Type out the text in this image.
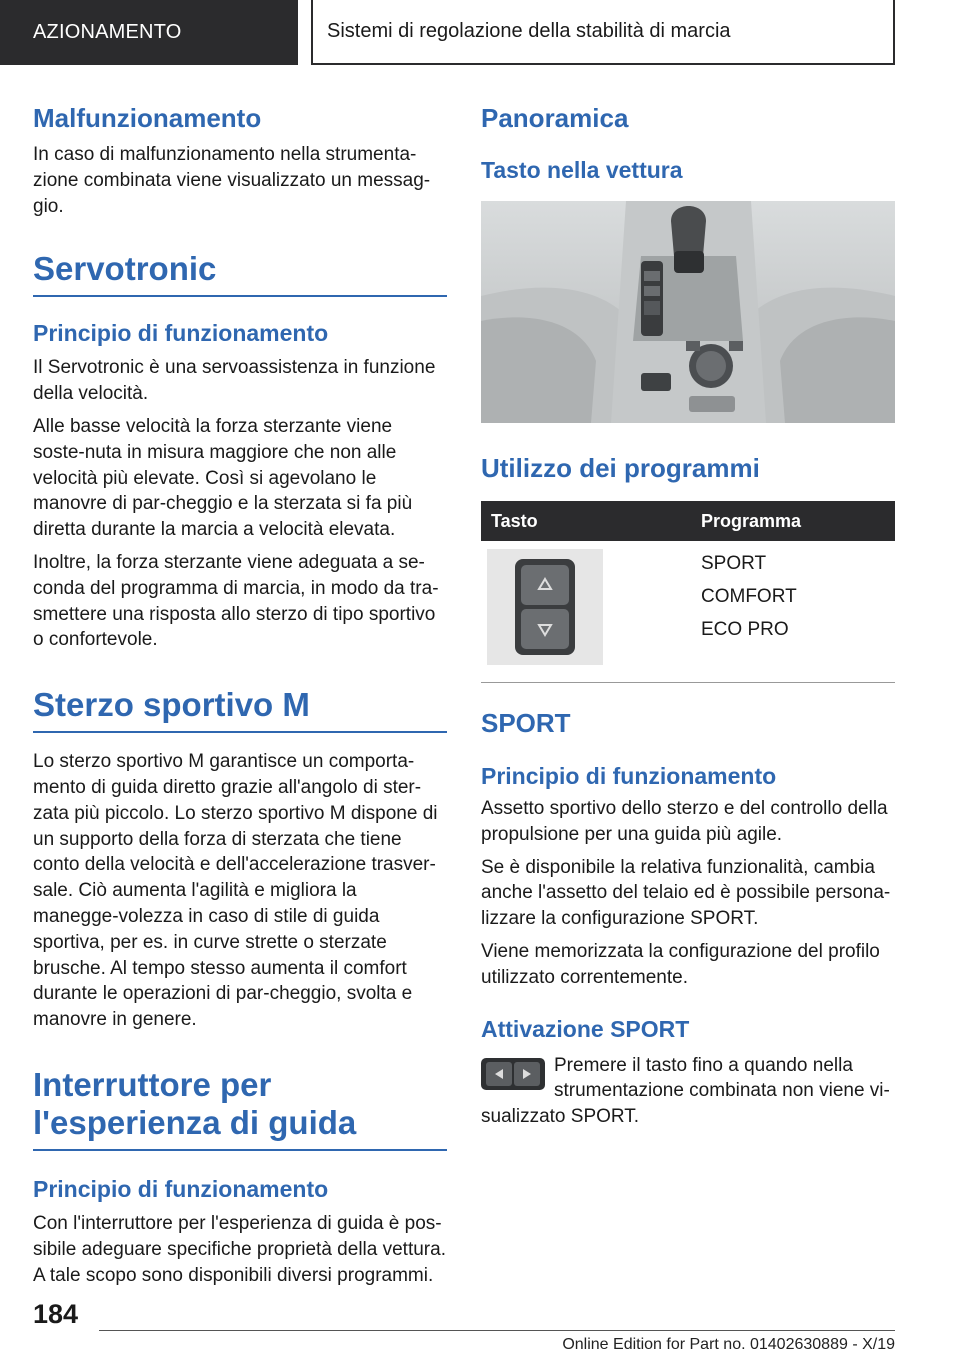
AZIONAMENTO	Sistemi di regolazione della stabilità di marcia
Malfunzionamento

In caso di malfunzionamento nella strumenta-zione combinata viene visualizzato un messag-gio.

Servotronic
Principio di funzionamento

Il Servotronic è una servoassistenza in funzione della velocità.

Alle basse velocità la forza sterzante viene soste-nuta in misura maggiore che non alle velocità più elevate. Così si agevolano le manovre di par-cheggio e la sterzata si fa più diretta durante la marcia a velocità elevata.

Inoltre, la forza sterzante viene adeguata a se-conda del programma di marcia, in modo da tra-smettere una risposta allo sterzo di tipo sportivo o confortevole.

Sterzo sportivo M

Lo sterzo sportivo M garantisce un comporta-mento di guida diretto grazie all'angolo di ster-zata più piccolo. Lo sterzo sportivo M dispone di un supporto della forza di sterzata che tiene conto della velocità e dell'accelerazione trasver-sale. Ciò aumenta l'agilità e migliora la manegge-volezza in caso di stile di guida sportiva, per es. in curve strette o sterzate brusche. Al tempo stesso aumenta il comfort durante le operazioni di par-cheggio, svolta e manovre in genere.

Interruttore per
l'esperienza di guida
Principio di funzionamento

Con l'interruttore per l'esperienza di guida è pos-sibile adeguare specifiche proprietà della vettura. A tale scopo sono disponibili diversi programmi.

Panoramica
Tasto nella vettura
Utilizzo dei programmi
Tasto	Programma

SPORT
COMFORT
ECO PRO
SPORT
Principio di funzionamento

Assetto sportivo dello sterzo e del controllo della propulsione per una guida più agile.

Se è disponibile la relativa funzionalità, cambia anche l'assetto del telaio ed è possibile persona-lizzare la configurazione SPORT.

Viene memorizzata la configurazione del profilo utilizzato correntemente.

Attivazione SPORT

Premere il tasto fino a quando nella

strumentazione combinata non viene vi-

sualizzato SPORT.

184
Online Edition for Part no. 01402630889 - X/19
